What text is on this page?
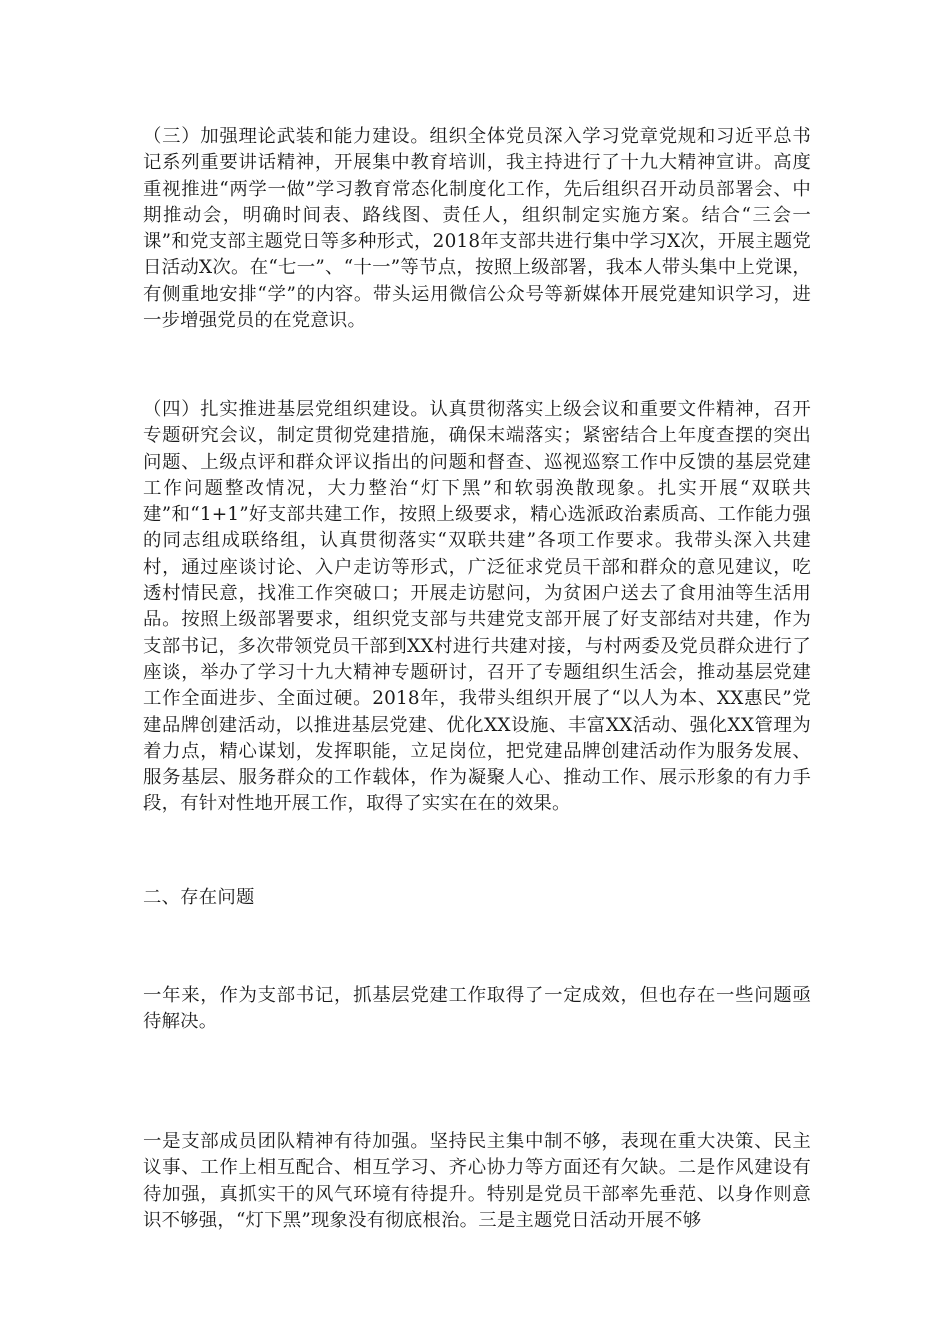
（三）加强理论武装和能力建设。组织全体党员深入学习党章党规和习近平总书记系列重要讲话精神，开展集中教育培训，我主持进行了十九大精神宣讲。高度重视推进“两学一做”学习教育常态化制度化工作，先后组织召开动员部署会、中期推动会，明确时间表、路线图、责任人，组织制定实施方案。结合“三会一课”和党支部主题党日等多种形式，2018年支部共进行集中学习X次，开展主题党日活动X次。在“七一”、“十一”等节点，按照上级部署，我本人带头集中上党课，有侧重地安排“学”的内容。带头运用微信公众号等新媒体开展党建知识学习，进一步增强党员的在党意识。

（四）扎实推进基层党组织建设。认真贯彻落实上级会议和重要文件精神，召开专题研究会议，制定贯彻党建措施，确保末端落实；紧密结合上年度查摆的突出问题、上级点评和群众评议指出的问题和督查、巡视巡察工作中反馈的基层党建工作问题整改情况，大力整治“灯下黑”和软弱涣散现象。扎实开展“双联共建”和“1+1”好支部共建工作，按照上级要求，精心选派政治素质高、工作能力强的同志组成联络组，认真贯彻落实“双联共建”各项工作要求。我带头深入共建村，通过座谈讨论、入户走访等形式，广泛征求党员干部和群众的意见建议，吃透村情民意，找准工作突破口；开展走访慰问，为贫困户送去了食用油等生活用品。按照上级部署要求，组织党支部与共建党支部开展了好支部结对共建，作为支部书记，多次带领党员干部到XX村进行共建对接，与村两委及党员群众进行了座谈，举办了学习十九大精神专题研讨，召开了专题组织生活会，推动基层党建工作全面进步、全面过硬。2018年，我带头组织开展了“以人为本、XX惠民”党建品牌创建活动，以推进基层党建、优化XX设施、丰富XX活动、强化XX管理为着力点，精心谋划，发挥职能，立足岗位，把党建品牌创建活动作为服务发展、服务基层、服务群众的工作载体，作为凝聚人心、推动工作、展示形象的有力手段，有针对性地开展工作，取得了实实在在的效果。

二、存在问题

一年来，作为支部书记，抓基层党建工作取得了一定成效，但也存在一些问题亟待解决。

一是支部成员团队精神有待加强。坚持民主集中制不够，表现在重大决策、民主议事、工作上相互配合、相互学习、齐心协力等方面还有欠缺。二是作风建设有待加强，真抓实干的风气环境有待提升。特别是党员干部率先垂范、以身作则意识不够强，“灯下黑”现象没有彻底根治。三是主题党日活动开展不够
